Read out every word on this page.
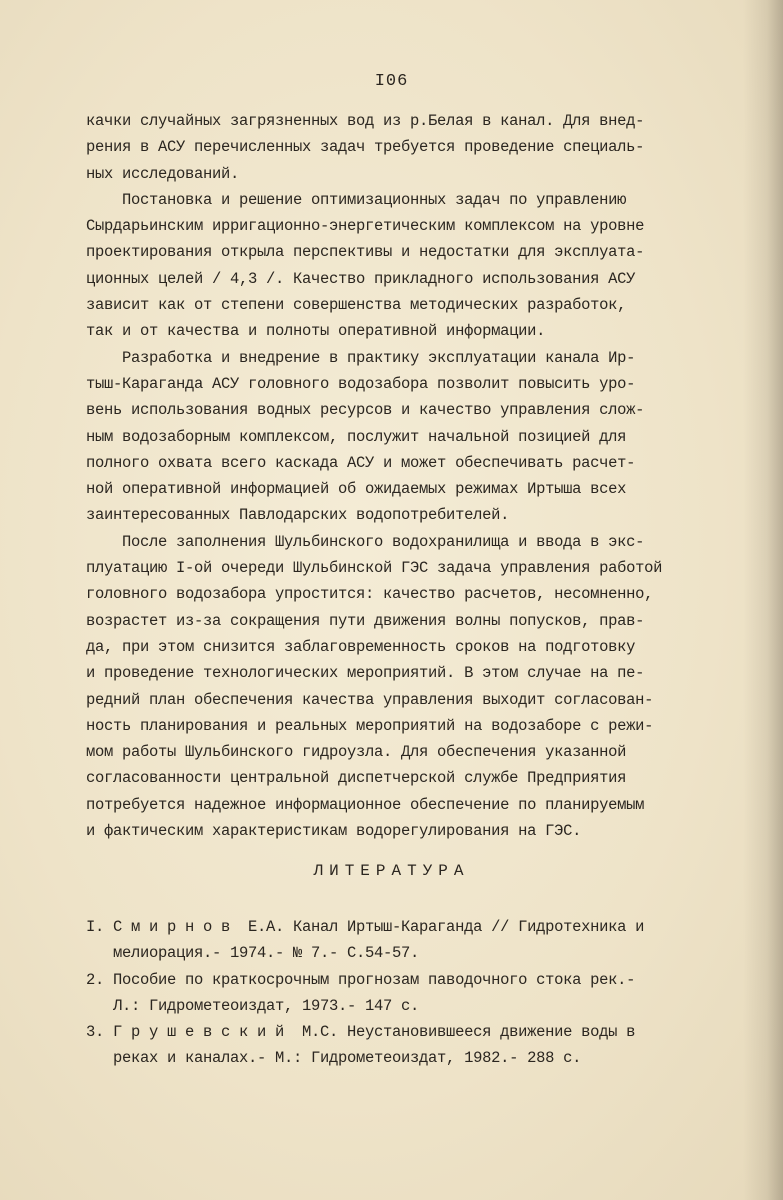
I06
качки случайных загрязненных вод из р.Белая в канал. Для внед-
рения в АСУ перечисленных задач требуется проведение специаль-
ных исследований.
Постановка и решение оптимизационных задач по управлению
Сырдарьинским ирригационно-энергетическим комплексом на уровне
проектирования открыла перспективы и недостатки для эксплуата-
ционных целей / 4,3 /. Качество прикладного использования АСУ
зависит как от степени совершенства методических разработок,
так и от качества и полноты оперативной информации.
Разработка и внедрение в практику эксплуатации канала Ир-
тыш-Караганда АСУ головного водозабора позволит повысить уро-
вень использования водных ресурсов и качество управления слож-
ным водозаборным комплексом, послужит начальной позицией для
полного охвата всего каскада АСУ и может обеспечивать расчет-
ной оперативной информацией об ожидаемых режимах Иртыша всех
заинтересованных Павлодарских водопотребителей.
После заполнения Шульбинского водохранилища и ввода в экс-
плуатацию I-ой очереди Шульбинской ГЭС задача управления работой
головного водозабора упростится: качество расчетов, несомненно,
возрастет из-за сокращения пути движения волны попусков, прав-
да, при этом снизится заблаговременность сроков на подготовку
и проведение технологических мероприятий. В этом случае на пе-
редний план обеспечения качества управления выходит согласован-
ность планирования и реальных мероприятий на водозаборе с режи-
мом работы Шульбинского гидроузла. Для обеспечения указанной
согласованности центральной диспетчерской службе Предприятия
потребуется надежное информационное обеспечение по планируемым
и фактическим характеристикам водорегулирования на ГЭС.
ЛИТЕРАТУРА
I. С м и р н о в  Е.А. Канал Иртыш-Караганда // Гидротехника и
мелиорация.- 1974.- № 7.- С.54-57.
2. Пособие по краткосрочным прогнозам паводочного стока рек.-
Л.: Гидрометеоиздат, 1973.- 147 с.
3. Г р у ш е в с к и й  М.С. Неустановившееся движение воды в
реках и каналах.- М.: Гидрометеоиздат, 1982.- 288 с.
